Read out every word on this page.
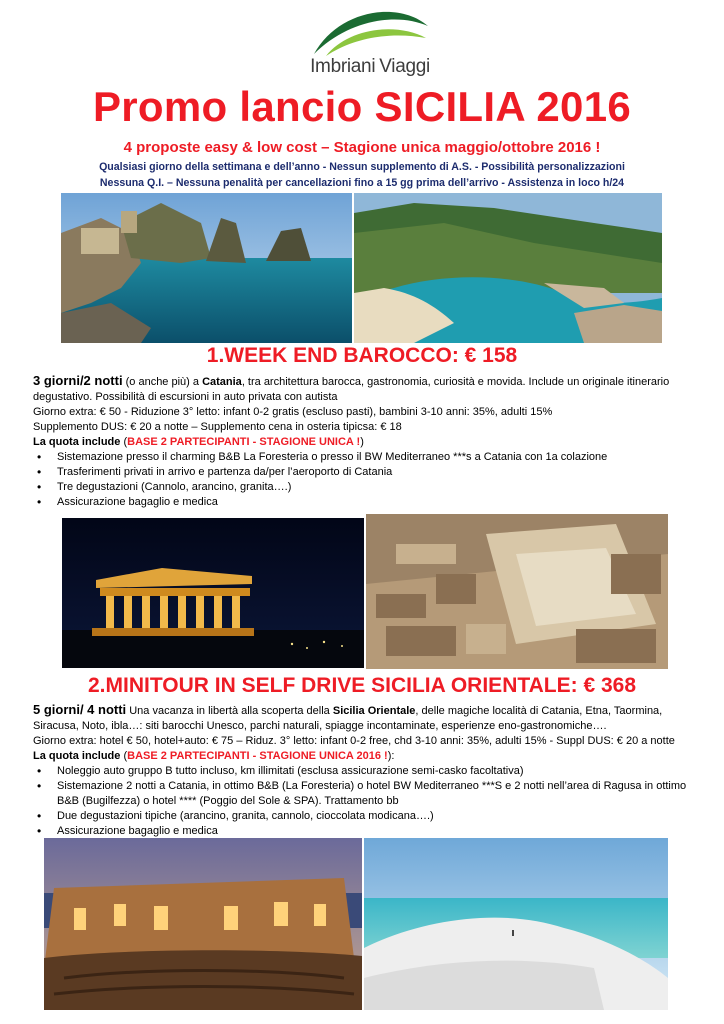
Imbriani Viaggi
Promo lancio SICILIA 2016
4 proposte easy & low cost – Stagione unica maggio/ottobre 2016 !
Qualsiasi giorno della settimana e dell’anno - Nessun supplemento di A.S. - Possibilità personalizzazioni
Nessuna Q.I. – Nessuna penalità per cancellazioni fino a 15 gg prima dell’arrivo - Assistenza in loco h/24
1.WEEK END BAROCCO: € 158
3 giorni/2 notti (o anche più) a Catania, tra architettura barocca, gastronomia, curiosità e movida. Include un originale itinerario degustativo. Possibilità di escursioni in auto privata con autista
Giorno extra: € 50 - Riduzione 3° letto: infant 0-2 gratis (escluso pasti), bambini 3-10 anni: 35%, adulti 15%
Supplemento DUS: € 20 a notte – Supplemento cena in osteria tipicsa: € 18
La quota include (BASE 2 PARTECIPANTI - STAGIONE UNICA !)
• Sistemazione presso il charming B&B La Foresteria o presso il BW Mediterraneo ***s a Catania con 1a colazione
• Trasferimenti privati in arrivo e partenza da/per l’aeroporto di Catania
• Tre degustazioni (Cannolo, arancino, granita….)
• Assicurazione bagaglio e medica
2.MINITOUR IN SELF DRIVE SICILIA ORIENTALE: € 368
5 giorni/ 4 notti Una vacanza in libertà alla scoperta della Sicilia Orientale, delle magiche località di Catania, Etna, Taormina, Siracusa, Noto, ibla…: siti barocchi Unesco, parchi naturali, spiagge incontaminate, esperienze eno-gastronomiche….
Giorno extra: hotel € 50, hotel+auto: € 75 – Riduz. 3° letto: infant 0-2 free, chd 3-10 anni: 35%, adulti 15% - Suppl DUS: € 20 a notte
La quota include (BASE 2 PARTECIPANTI - STAGIONE UNICA 2016 !):
• Noleggio auto gruppo B tutto incluso, km illimitati (esclusa assicurazione semi-casko facoltativa)
• Sistemazione 2 notti a Catania, in ottimo B&B (La Foresteria) o hotel BW Mediterraneo ***S e 2 notti nell’area di Ragusa in ottimo B&B (Bugilfezza) o hotel **** (Poggio del Sole & SPA). Trattamento bb
• Due degustazioni tipiche (arancino, granita, cannolo, cioccolata modicana….)
• Assicurazione bagaglio e medica
